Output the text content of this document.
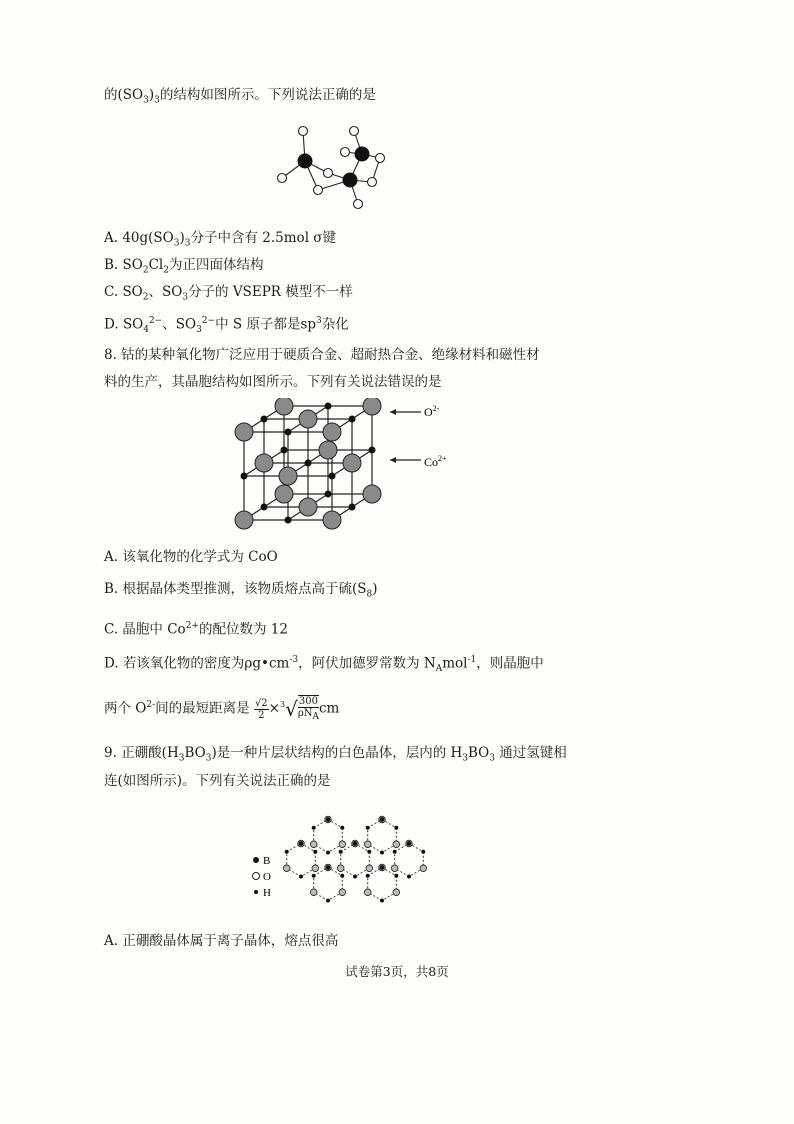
的$(SO_3)_3$的结构如图所示。下列说法正确的是
A. $40g(SO_3)_3$分子中含有 2.5mol σ键
B. $SO_2Cl_2$为正四面体结构
C. $SO_2$、$SO_3$分子的 VSEPR 模型不一样
D. $SO_4^{2-}$、$SO_3^{2-}$中 S 原子都是$sp^3$杂化
8. 钴的某种氧化物广泛应用于硬质合金、超耐热合金、绝缘材料和磁性材
料的生产，其晶胞结构如图所示。下列有关说法错误的是
$O^{2-}$
$Co^{2+}$
A. 该氧化物的化学式为 CoO
B. 根据晶体类型推测，该物质熔点高于硫$(S_8)$
C. 晶胞中 $Co^{2+}$的配位数为 12
D. 若该氧化物的密度为$\rho g•cm^{-3}$，阿伏加德罗常数为 $N_Amol^{-1}$，则晶胞中
两个 $O^{2-}$间的最短距离是 $\frac{√2}{2} \times^3√ \frac{300}{\rho N_A}$ cm
9. 正硼酸$(H_3BO_3)$是一种片层状结构的白色晶体，层内的 $H_3BO_3$ 通过氢键相
连(如图所示)。下列有关说法正确的是
B
O
H
A. 正硼酸晶体属于离子晶体，熔点很高
试卷第3页，共8页
